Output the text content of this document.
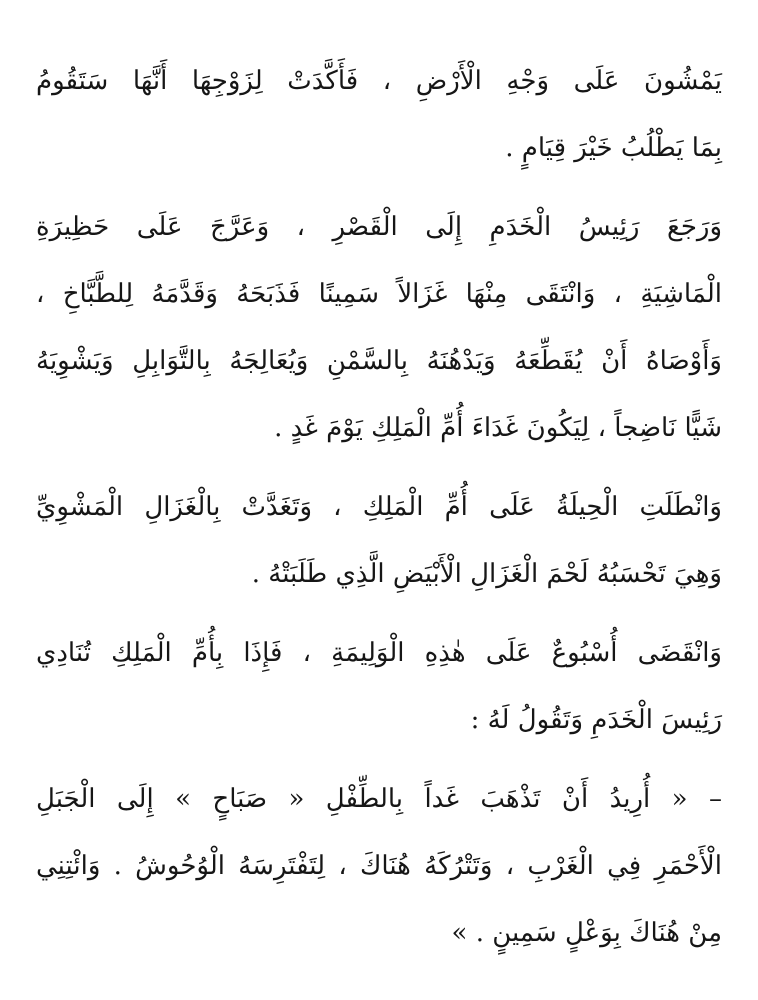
يَمْشُونَ عَلَى وَجْهِ الْأَرْضِ ، فَأَكَّدَتْ لِزَوْجِهَا أَنَّهَا سَتَقُومُ
بِمَا يَطْلُبُ خَيْرَ قِيَامٍ .
وَرَجَعَ رَئِيسُ الْخَدَمِ إِلَى الْقَصْرِ ، وَعَرَّجَ عَلَى حَظِيرَةِ
الْمَاشِيَةِ ، وَانْتَقَى مِنْهَا غَزَالاً سَمِينًا فَذَبَحَهُ وَقَدَّمَهُ لِلطَّبَّاخِ ،
وَأَوْصَاهُ أَنْ يُقَطِّعَهُ وَيَدْهُنَهُ بِالسَّمْنِ وَيُعَالِجَهُ بِالتَّوَابِلِ وَيَشْوِيَهُ
شَيًّا نَاضِجاً ، لِيَكُونَ غَدَاءَ أُمِّ الْمَلِكِ يَوْمَ غَدٍ .
وَانْطَلَتِ الْحِيلَةُ عَلَى أُمِّ الْمَلِكِ ، وَتَغَدَّتْ بِالْغَزَالِ الْمَشْوِيِّ
وَهِيَ تَحْسَبُهُ لَحْمَ الْغَزَالِ الْأَبْيَضِ الَّذِي طَلَبَتْهُ .
وَانْقَضَى أُسْبُوعٌ عَلَى هٰذِهِ الْوَلِيمَةِ ، فَإِذَا بِأُمِّ الْمَلِكِ تُنَادِي
رَئِيسَ الْخَدَمِ وَتَقُولُ لَهُ :
– « أُرِيدُ أَنْ تَذْهَبَ غَداً بِالطِّفْلِ « صَبَاحٍ » إِلَى الْجَبَلِ
الْأَحْمَرِ فِي الْغَرْبِ ، وَتَتْرُكَهُ هُنَاكَ ، لِتَفْتَرِسَهُ الْوُحُوشُ . وَائْتِنِي
مِنْ هُنَاكَ بِوَعْلٍ سَمِينٍ . »
